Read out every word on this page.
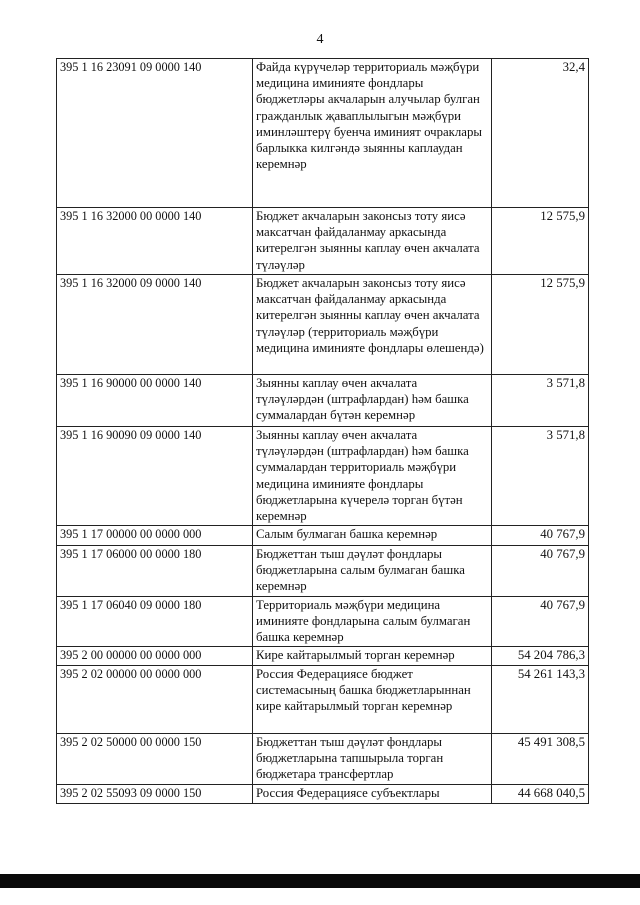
4
395 1 16 23091 09 0000 140	Файда күрүчеләр территориаль мәҗбүри медицина иминияте фондлары бюджетләры акчаларын алучылар булган гражданлык җаваплылыгын мәҗбүри иминләштерү буенча иминият очраклары барлыкка килгәндә зыянны каплаудан керемнәр	32,4
395 1 16 32000 00 0000 140	Бюджет акчаларын законсыз тоту яисә максатчан файдаланмау аркасында китерелгән зыянны каплау өчен акчалата түләүләр	12 575,9
395 1 16 32000 09 0000 140	Бюджет акчаларын законсыз тоту яисә максатчан файдаланмау аркасында китерелгән зыянны каплау өчен акчалата түләүләр (территориаль мәҗбүри медицина иминияте фондлары өлешендә)	12 575,9
395 1 16 90000 00 0000 140	Зыянны каплау өчен акчалата түләүләрдән (штрафлардан) һәм башка суммалардан бүтән керемнәр	3 571,8
395 1 16 90090 09 0000 140	Зыянны каплау өчен акчалата түләүләрдән (штрафлардан) һәм башка суммалардан территориаль мәҗбүри медицина иминияте фондлары бюджетларына күчерелә торган бүтән керемнәр	3 571,8
395 1 17 00000 00 0000 000	Салым булмаган башка керемнәр	40 767,9
395 1 17 06000 00 0000 180	Бюджеттан тыш дәүләт фондлары бюджетларына салым булмаган башка керемнәр	40 767,9
395 1 17 06040 09 0000 180	Территориаль мәҗбүри медицина иминияте фондларына салым булмаган башка керемнәр	40 767,9
395 2 00 00000 00 0000 000	Кире кайтарылмый торган керемнәр	54 204 786,3
395 2 02 00000 00 0000 000	Россия Федерациясе бюджет системасының башка бюджетларыннан кире кайтарылмый торган керемнәр	54 261 143,3
395 2 02 50000 00 0000 150	Бюджеттан тыш дәүләт фондлары бюджетларына тапшырыла торган бюджетара трансфертлар	45 491 308,5
395 2 02 55093 09 0000 150	Россия Федерациясе субъектлары	44 668 040,5
